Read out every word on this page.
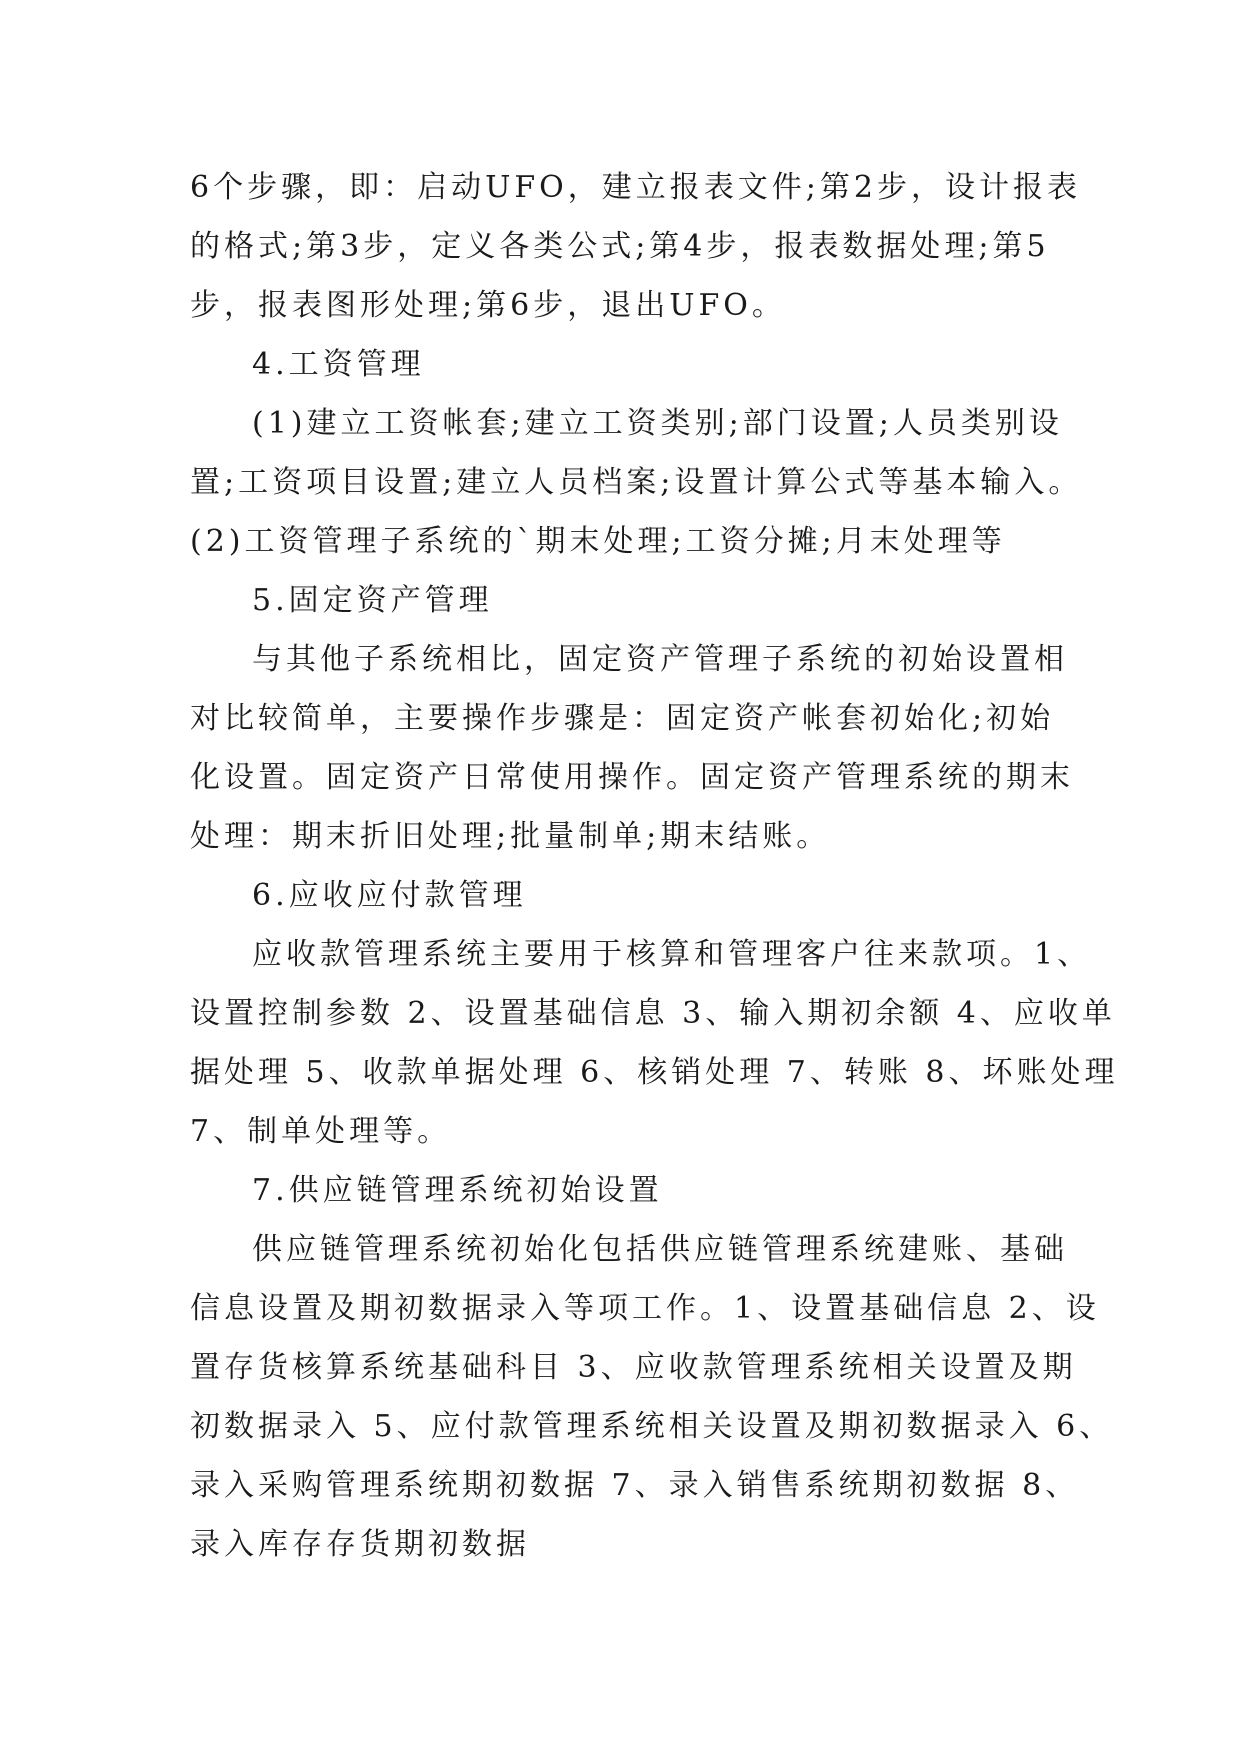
6个步骤，即：启动UFO，建立报表文件;第2步，设计报表
的格式;第3步，定义各类公式;第4步，报表数据处理;第5
步，报表图形处理;第6步，退出UFO。
4.工资管理
(1)建立工资帐套;建立工资类别;部门设置;人员类别设
置;工资项目设置;建立人员档案;设置计算公式等基本输入。
(2)工资管理子系统的`期末处理;工资分摊;月末处理等
5.固定资产管理
与其他子系统相比，固定资产管理子系统的初始设置相
对比较简单，主要操作步骤是：固定资产帐套初始化;初始
化设置。固定资产日常使用操作。固定资产管理系统的期末
处理：期末折旧处理;批量制单;期末结账。
6.应收应付款管理
应收款管理系统主要用于核算和管理客户往来款项。1、
设置控制参数 2、设置基础信息 3、输入期初余额 4、应收单
据处理 5、收款单据处理 6、核销处理 7、转账 8、坏账处理
7、制单处理等。
7.供应链管理系统初始设置
供应链管理系统初始化包括供应链管理系统建账、基础
信息设置及期初数据录入等项工作。1、设置基础信息 2、设
置存货核算系统基础科目 3、应收款管理系统相关设置及期
初数据录入 5、应付款管理系统相关设置及期初数据录入 6、
录入采购管理系统期初数据 7、录入销售系统期初数据 8、
录入库存存货期初数据
